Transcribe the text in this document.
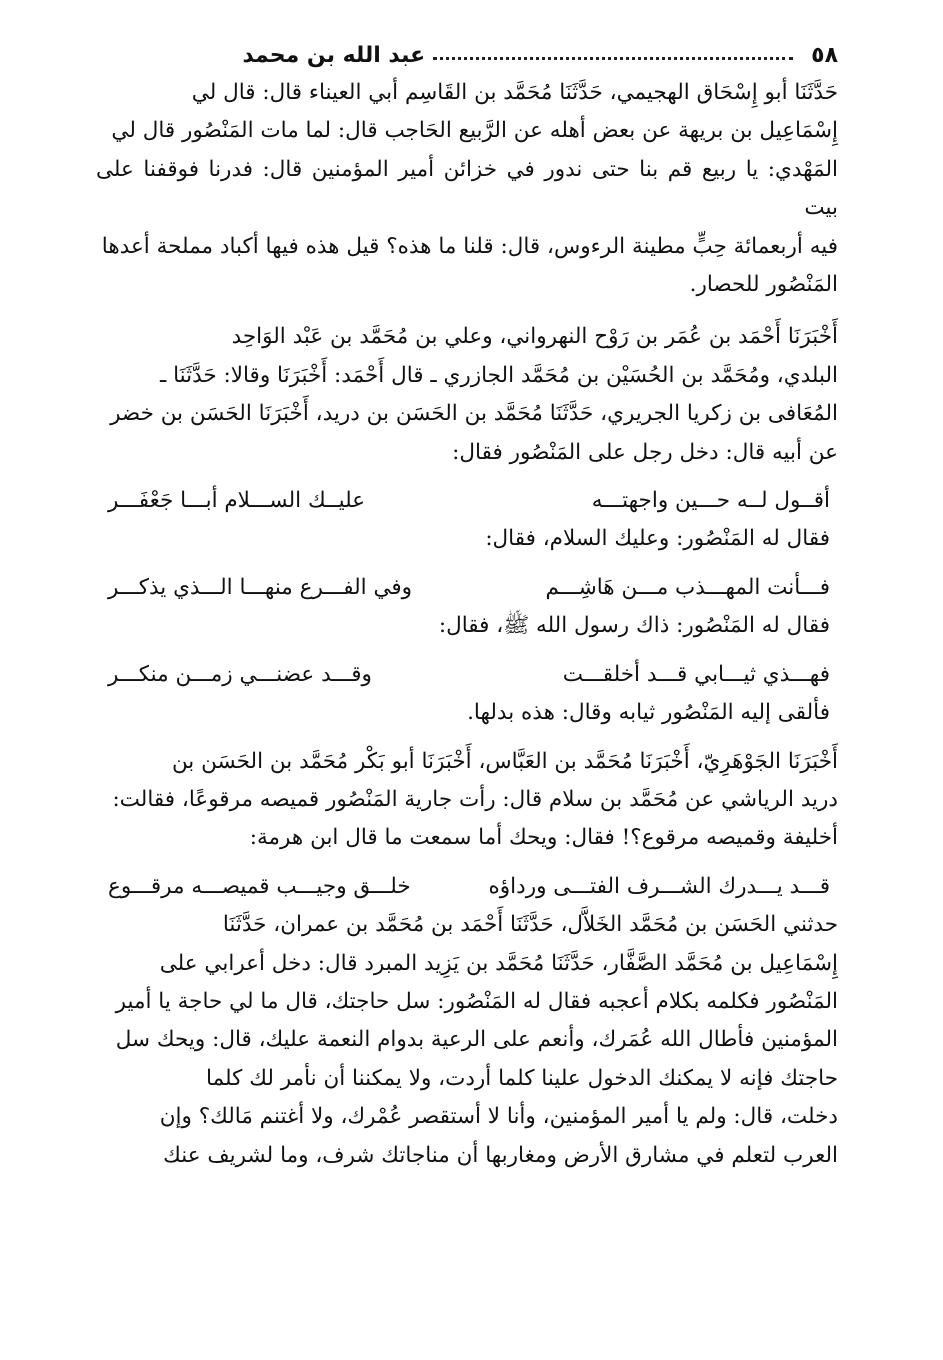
٥٨
عبد الله بن محمد

حَدَّثَنَا أبو إِسْحَاق الهجيمي، حَدَّثَنَا مُحَمَّد بن القَاسِم أبي العيناء قال: قال لي

إِسْمَاعِيل بن بريهة عن بعض أهله عن الرَّبيع الحَاجب قال: لما مات المَنْصُور قال لي

المَهْدي: يا ربيع قم بنا حتى ندور في خزائن أمير المؤمنين قال: فدرنا فوقفنا على بيت

فيه أربعمائة حِبٍّ مطينة الرءوس، قال: قلنا ما هذه؟ قيل هذه فيها أكباد مملحة أعدها

المَنْصُور للحصار.

أَخْبَرَنَا أَحْمَد بن عُمَر بن رَوْح النهرواني، وعلي بن مُحَمَّد بن عَبْد الوَاحِد

البلدي، ومُحَمَّد بن الحُسَيْن بن مُحَمَّد الجازري ـ قال أَحْمَد: أَخْبَرَنَا وقالا: حَدَّثَنَا ـ

المُعَافى بن زكريا الجريري، حَدَّثَنَا مُحَمَّد بن الحَسَن بن دريد، أَخْبَرَنَا الحَسَن بن خضر

عن أبيه قال: دخل رجل على المَنْصُور فقال:

أقــول لــه حـــين واجهتـــه
عليــك الســـلام أبـــا جَعْفَـــر

فقال له المَنْصُور: وعليك السلام، فقال:

فـــأنت المهـــذب مـــن هَاشِـــم
وفي الفـــرع منهـــا الـــذي يذكـــر

فقال له المَنْصُور: ذاك رسول الله ﷺ، فقال:

فهـــذي ثيـــابي قـــد أخلقـــت
وقـــد عضنـــي زمـــن منكـــر

فألقى إليه المَنْصُور ثيابه وقال: هذه بدلها.

أَخْبَرَنَا الجَوْهَرِيّ، أَخْبَرَنَا مُحَمَّد بن العَبَّاس، أَخْبَرَنَا أبو بَكْر مُحَمَّد بن الحَسَن بن

دريد الرياشي عن مُحَمَّد بن سلام قال: رأت جارية المَنْصُور قميصه مرقوعًا، فقالت:

أخليفة وقميصه مرقوع؟! فقال: ويحك أما سمعت ما قال ابن هرمة:

قـــد يـــدرك الشـــرف الفتـــى ورداؤه
خلـــق وجيـــب قميصـــه مرقـــوع

حدثني الحَسَن بن مُحَمَّد الخَلاَّل، حَدَّثَنَا أَحْمَد بن مُحَمَّد بن عمران، حَدَّثَنَا

إِسْمَاعِيل بن مُحَمَّد الصَّفَّار، حَدَّثَنَا مُحَمَّد بن يَزِيد المبرد قال: دخل أعرابي على

المَنْصُور فكلمه بكلام أعجبه فقال له المَنْصُور: سل حاجتك، قال ما لي حاجة يا أمير

المؤمنين فأطال الله عُمَرك، وأنعم على الرعية بدوام النعمة عليك، قال: ويحك سل

حاجتك فإنه لا يمكنك الدخول علينا كلما أردت، ولا يمكننا أن نأمر لك كلما

دخلت، قال: ولم يا أمير المؤمنين، وأنا لا أستقصر عُمْرك، ولا أغتنم مَالك؟ وإن

العرب لتعلم في مشارق الأرض ومغاربها أن مناجاتك شرف، وما لشريف عنك
